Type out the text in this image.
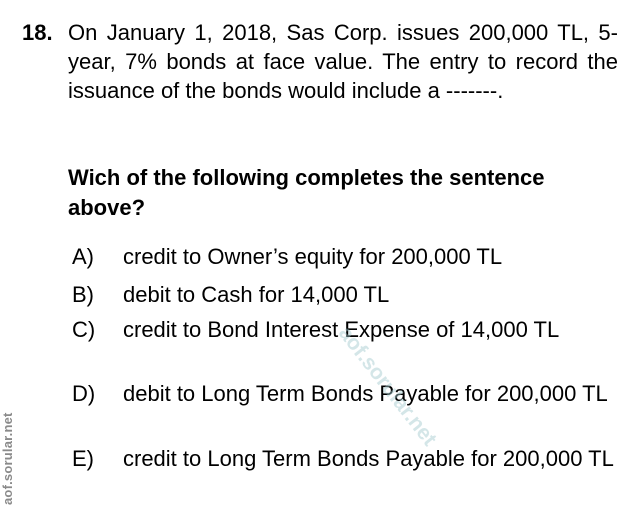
18. On January 1, 2018, Sas Corp. issues 200,000 TL, 5-year, 7% bonds at face value. The entry to record the issuance of the bonds would include a -------.
Wich of the following completes the sentence above?
A) credit to Owner’s equity for 200,000 TL
B) debit to Cash for 14,000 TL
C) credit to Bond Interest Expense of 14,000 TL
D) debit to Long Term Bonds Payable for 200,000 TL
E) credit to Long Term Bonds Payable for 200,000 TL
aof.sorular.net
aof.sorular.net
